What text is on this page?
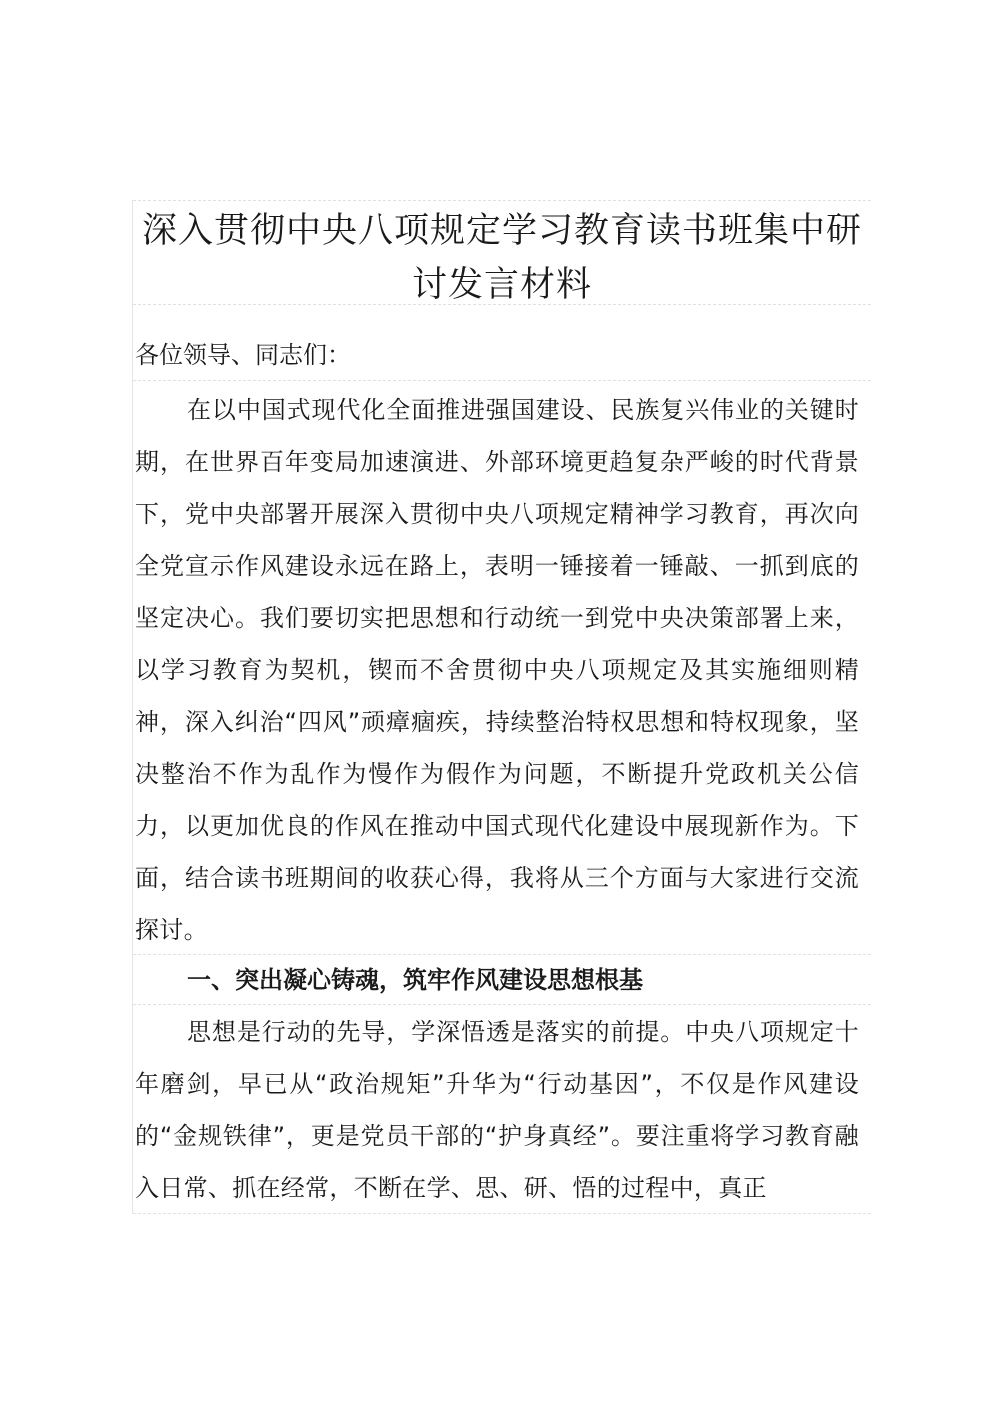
深入贯彻中央八项规定学习教育读书班集中研讨发言材料

各位领导、同志们：

在以中国式现代化全面推进强国建设、民族复兴伟业的关键时期，在世界百年变局加速演进、外部环境更趋复杂严峻的时代背景下，党中央部署开展深入贯彻中央八项规定精神学习教育，再次向全党宣示作风建设永远在路上，表明一锤接着一锤敲、一抓到底的坚定决心。我们要切实把思想和行动统一到党中央决策部署上来，以学习教育为契机，锲而不舍贯彻中央八项规定及其实施细则精神，深入纠治“四风”顽瘴痼疾，持续整治特权思想和特权现象，坚决整治不作为乱作为慢作为假作为问题，不断提升党政机关公信力，以更加优良的作风在推动中国式现代化建设中展现新作为。下面，结合读书班期间的收获心得，我将从三个方面与大家进行交流探讨。

一、突出凝心铸魂，筑牢作风建设思想根基

思想是行动的先导，学深悟透是落实的前提。中央八项规定十年磨剑，早已从“政治规矩”升华为“行动基因”，不仅是作风建设的“金规铁律”，更是党员干部的“护身真经”。要注重将学习教育融入日常、抓在经常，不断在学、思、研、悟的过程中，真正
